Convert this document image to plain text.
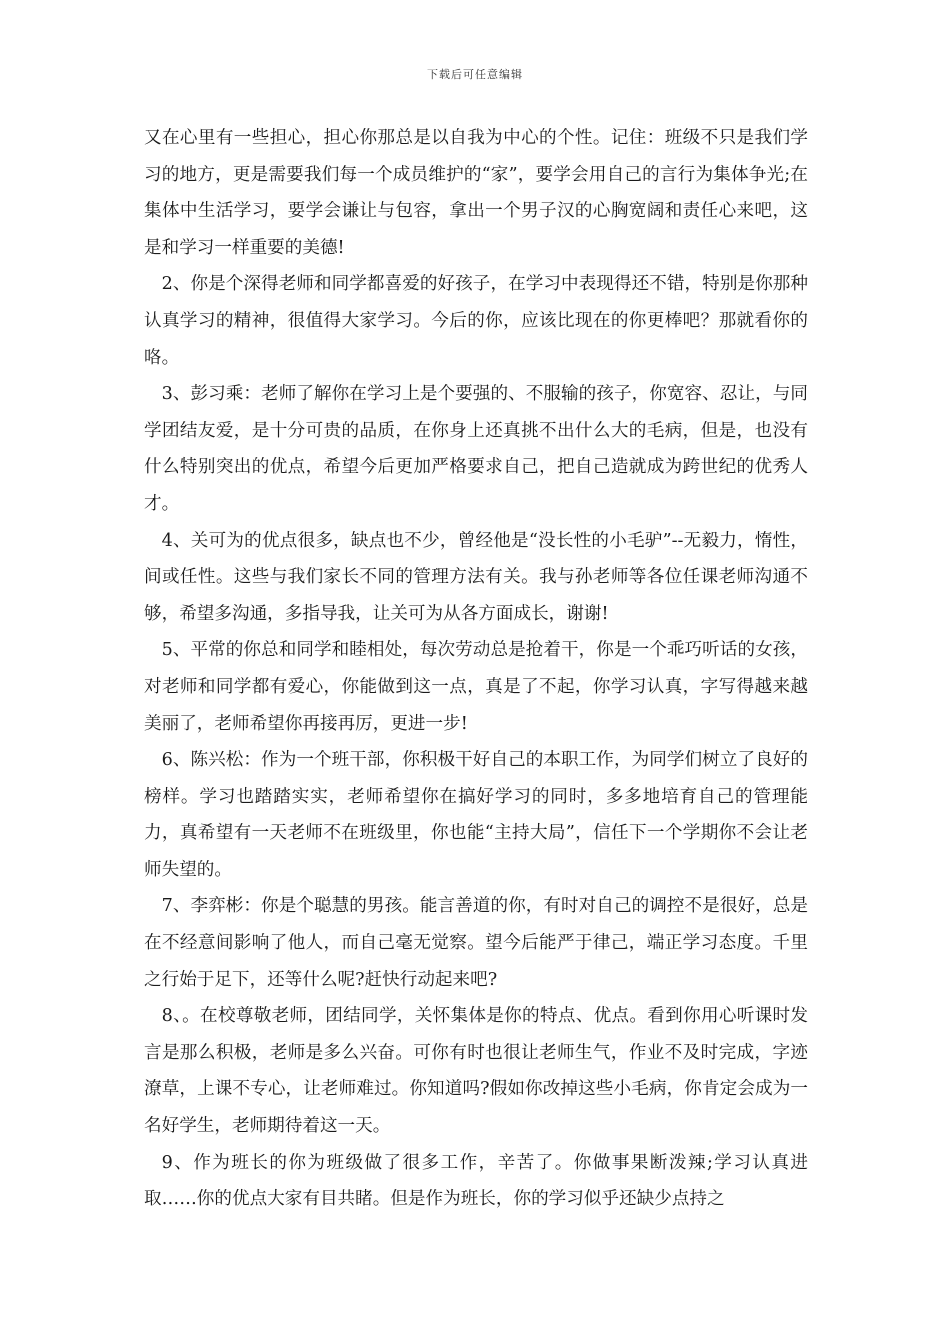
下载后可任意编辑

又在心里有一些担心，担心你那总是以自我为中心的个性。记住：班级不只是我们学习的地方，更是需要我们每一个成员维护的“家”，要学会用自己的言行为集体争光;在集体中生活学习，要学会谦让与包容，拿出一个男子汉的心胸宽阔和责任心来吧，这是和学习一样重要的美德!

2、你是个深得老师和同学都喜爱的好孩子，在学习中表现得还不错，特别是你那种认真学习的精神，很值得大家学习。今后的你，应该比现在的你更棒吧？那就看你的咯。

3、彭习乘：老师了解你在学习上是个要强的、不服输的孩子，你宽容、忍让，与同学团结友爱，是十分可贵的品质，在你身上还真挑不出什么大的毛病，但是，也没有什么特别突出的优点，希望今后更加严格要求自己，把自己造就成为跨世纪的优秀人才。

4、关可为的优点很多，缺点也不少，曾经他是“没长性的小毛驴”--无毅力，惰性，间或任性。这些与我们家长不同的管理方法有关。我与孙老师等各位任课老师沟通不够，希望多沟通，多指导我，让关可为从各方面成长，谢谢!

5、平常的你总和同学和睦相处，每次劳动总是抢着干，你是一个乖巧听话的女孩，对老师和同学都有爱心，你能做到这一点，真是了不起，你学习认真，字写得越来越美丽了，老师希望你再接再厉，更进一步!

6、陈兴松：作为一个班干部，你积极干好自己的本职工作，为同学们树立了良好的榜样。学习也踏踏实实，老师希望你在搞好学习的同时，多多地培育自己的管理能力，真希望有一天老师不在班级里，你也能“主持大局”，信任下一个学期你不会让老师失望的。

7、李弈彬：你是个聪慧的男孩。能言善道的你，有时对自己的调控不是很好，总是在不经意间影响了他人，而自己毫无觉察。望今后能严于律己，端正学习态度。千里之行始于足下，还等什么呢?赶快行动起来吧?

8、。在校尊敬老师，团结同学，关怀集体是你的特点、优点。看到你用心听课时发言是那么积极，老师是多么兴奋。可你有时也很让老师生气，作业不及时完成，字迹潦草，上课不专心，让老师难过。你知道吗?假如你改掉这些小毛病，你肯定会成为一名好学生，老师期待着这一天。

9、作为班长的你为班级做了很多工作，辛苦了。你做事果断泼辣;学习认真进取……你的优点大家有目共睹。但是作为班长，你的学习似乎还缺少点持之
